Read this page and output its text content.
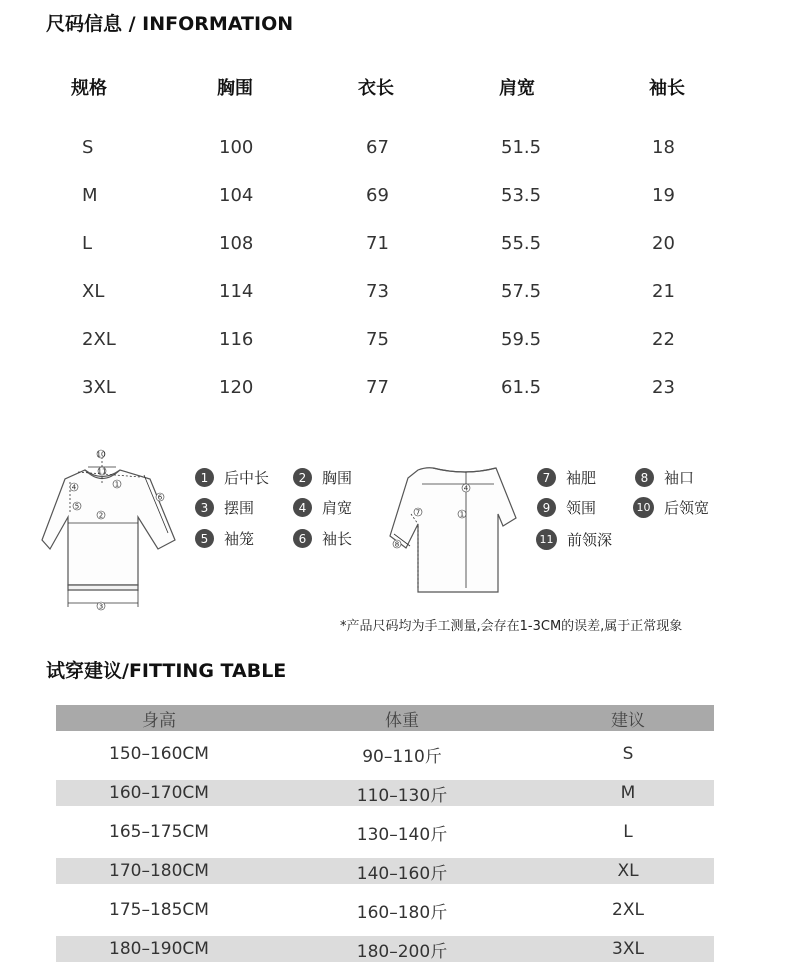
尺码信息 / INFORMATION
规格	胸围	衣长	肩宽	袖长
S	100	67	51.5	18
M	104	69	53.5	19
L	108	71	55.5	20
XL	114	73	57.5	21
2XL	116	75	59.5	22
3XL	120	77	61.5	23
10
11
1
2
3
4
5
6
1	后中长	2	胸围
3	摆围	4	肩宽
5	袖笼	6	袖长
4
1
7
8
7	袖肥	8	袖口
9	领围	10 后领宽
11 前领深
*产品尺码均为手工测量,会存在1-3CM的误差,属于正常现象
试穿建议/FITTING TABLE
身高	体重	建议
150–160CM	90–110斤	S
160–170CM	110–130斤	M
165–175CM	130–140斤	L
170–180CM	140–160斤	XL
175–185CM	160–180斤	2XL
180–190CM	180–200斤	3XL
